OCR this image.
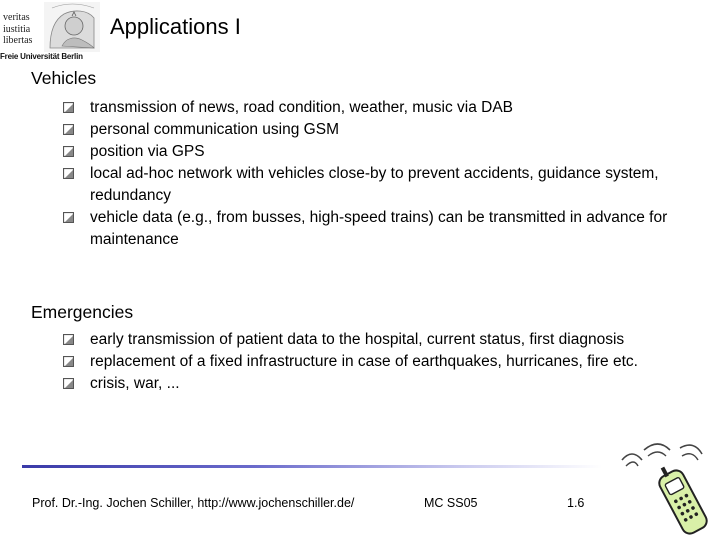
veritas
iustitia
libertas
Freie Universität Berlin
Applications I
Vehicles
transmission of news, road condition, weather, music via DAB
personal communication using GSM
position via GPS
local ad-hoc network with vehicles close-by to prevent accidents, guidance system, redundancy
vehicle data (e.g., from busses, high-speed trains) can be transmitted in advance for maintenance
Emergencies
early transmission of patient data to the hospital, current status, first diagnosis
replacement of a fixed infrastructure in case of earthquakes, hurricanes, fire etc.
crisis, war, ...
Prof. Dr.-Ing. Jochen Schiller, http://www.jochenschiller.de/	MC SS05	1.6
